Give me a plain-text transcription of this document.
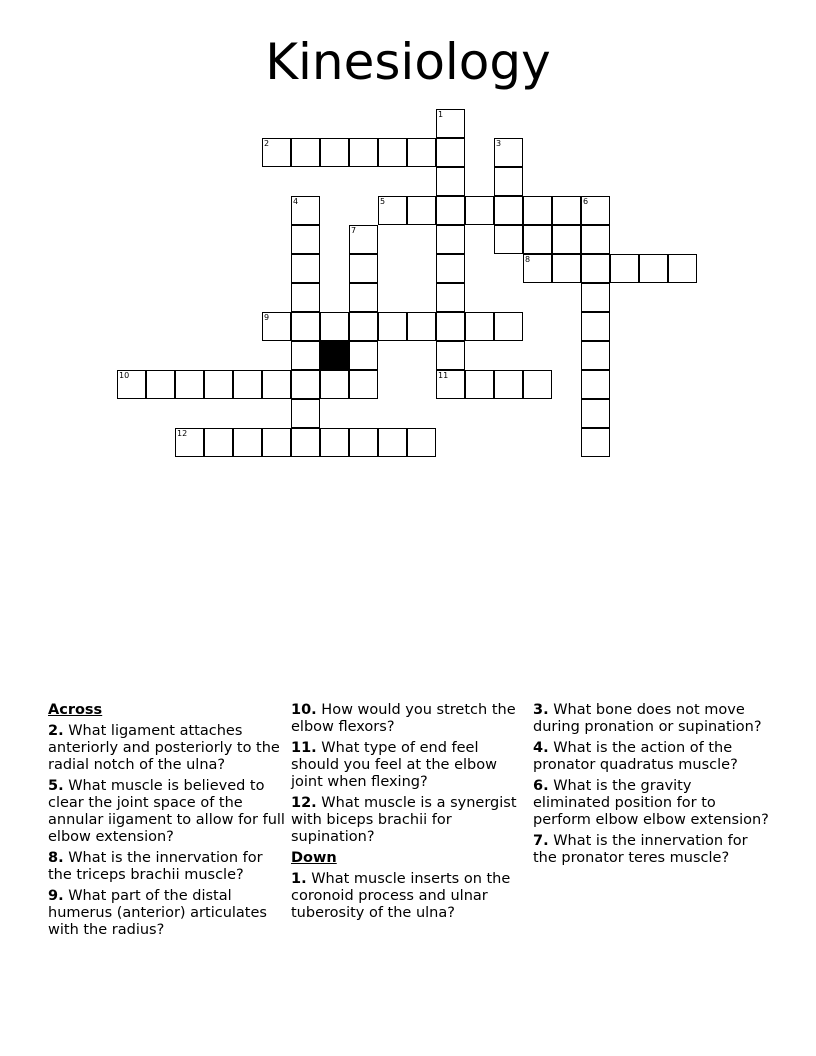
Kinesiology
1
2	3
4	5	6
7
8
9
10	11
12
Across
2. What ligament attaches anteriorly and posteriorly to the radial notch of the ulna?
5. What muscle is believed to clear the joint space of the annular iigament to allow for full elbow extension?
8. What is the innervation for the triceps brachii muscle?
9. What part of the distal humerus (anterior) articulates with the radius?
10. How would you stretch the elbow flexors?
11. What type of end feel should you feel at the elbow joint when flexing?
12. What muscle is a synergist with biceps brachii for supination?
Down
1. What muscle inserts on the coronoid process and ulnar tuberosity of the ulna?
3. What bone does not move during pronation or supination?
4. What is the action of the pronator quadratus muscle?
6. What is the gravity eliminated position for to perform elbow elbow extension?
7. What is the innervation for the pronator teres muscle?
